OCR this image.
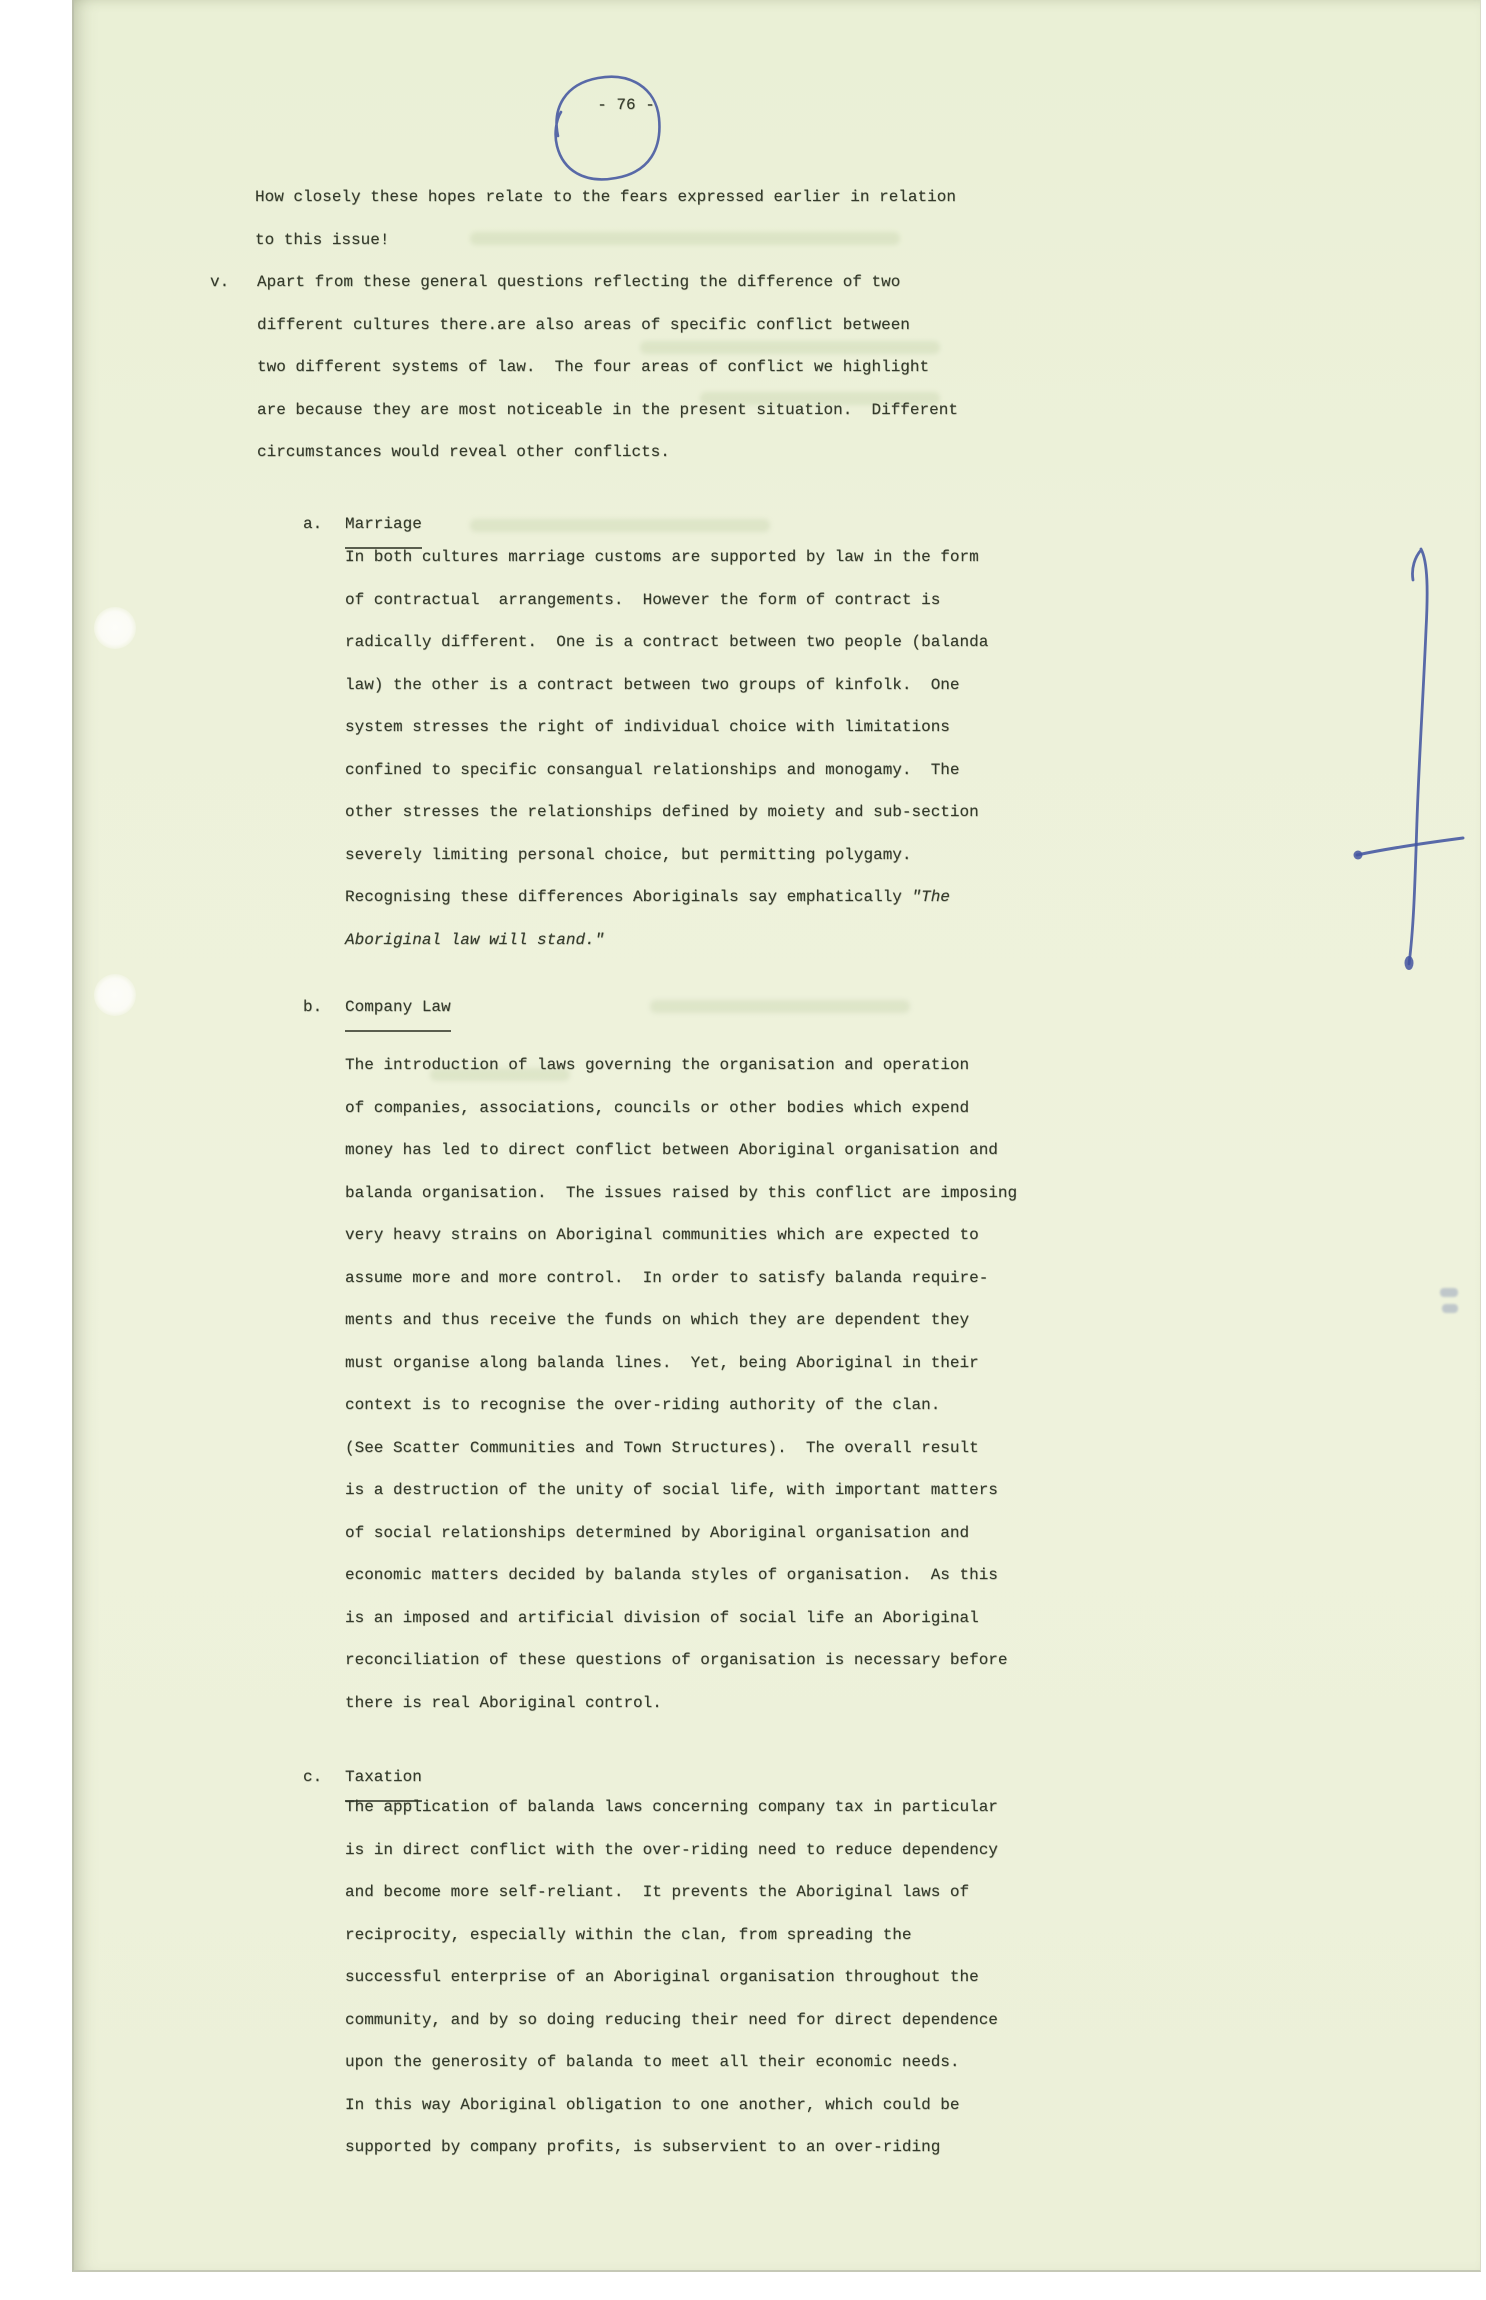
- 76 -
How closely these hopes relate to the fears expressed earlier in relation
to this issue!
v. Apart from these general questions reflecting the difference of two
different cultures there.are also areas of specific conflict between
two different systems of law.  The four areas of conflict we highlight
are because they are most noticeable in the present situation.  Different
circumstances would reveal other conflicts.
a. Marriage
In both cultures marriage customs are supported by law in the form
of contractual  arrangements.  However the form of contract is
radically different.  One is a contract between two people (balanda
law) the other is a contract between two groups of kinfolk.  One
system stresses the right of individual choice with limitations
confined to specific consangual relationships and monogamy.  The
other stresses the relationships defined by moiety and sub-section
severely limiting personal choice, but permitting polygamy.
Recognising these differences Aboriginals say emphatically "The
Aboriginal law will stand."
b. Company Law
The introduction of laws governing the organisation and operation
of companies, associations, councils or other bodies which expend
money has led to direct conflict between Aboriginal organisation and
balanda organisation.  The issues raised by this conflict are imposing
very heavy strains on Aboriginal communities which are expected to
assume more and more control.  In order to satisfy balanda require-
ments and thus receive the funds on which they are dependent they
must organise along balanda lines.  Yet, being Aboriginal in their
context is to recognise the over-riding authority of the clan.
(See Scatter Communities and Town Structures).  The overall result
is a destruction of the unity of social life, with important matters
of social relationships determined by Aboriginal organisation and
economic matters decided by balanda styles of organisation.  As this
is an imposed and artificial division of social life an Aboriginal
reconciliation of these questions of organisation is necessary before
there is real Aboriginal control.
c. Taxation
The application of balanda laws concerning company tax in particular
is in direct conflict with the over-riding need to reduce dependency
and become more self-reliant.  It prevents the Aboriginal laws of
reciprocity, especially within the clan, from spreading the
successful enterprise of an Aboriginal organisation throughout the
community, and by so doing reducing their need for direct dependence
upon the generosity of balanda to meet all their economic needs.
In this way Aboriginal obligation to one another, which could be
supported by company profits, is subservient to an over-riding
